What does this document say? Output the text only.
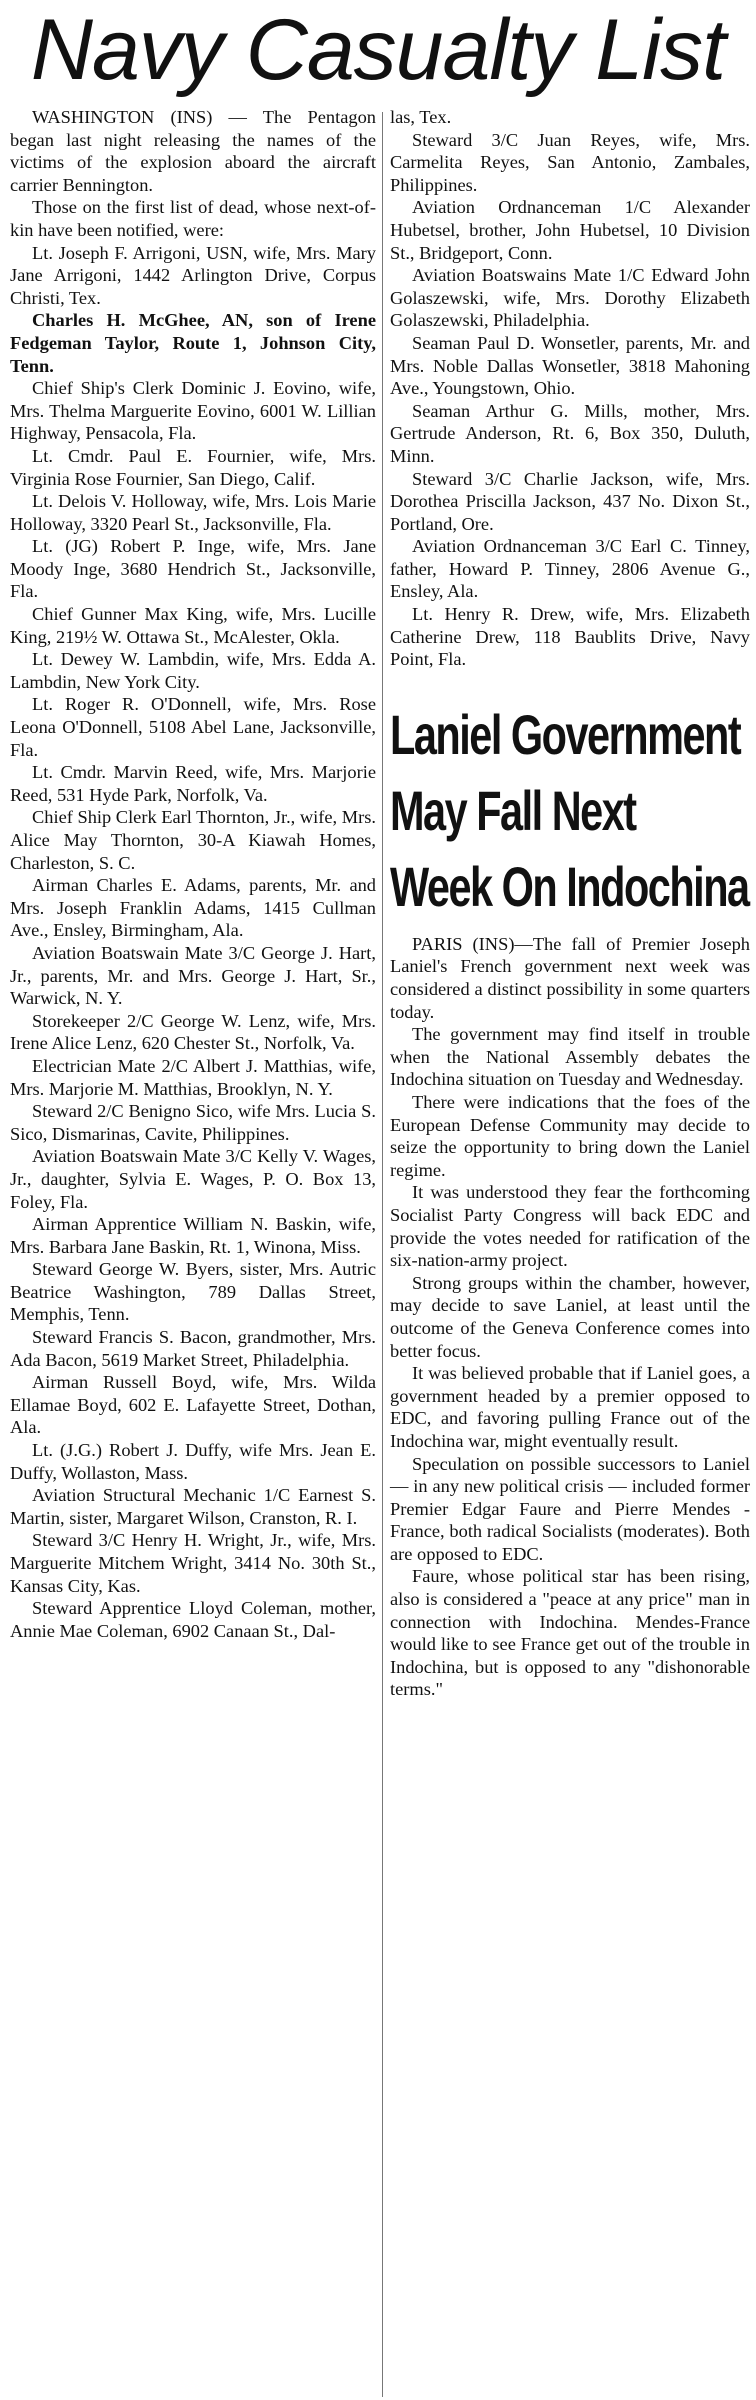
Navy Casualty List

WASHINGTON (INS) — The Pentagon began last night releasing the names of the victims of the explosion aboard the aircraft carrier Bennington.

Those on the first list of dead, whose next-of-kin have been notified, were:

Lt. Joseph F. Arrigoni, USN, wife, Mrs. Mary Jane Arrigoni, 1442 Arlington Drive, Corpus Christi, Tex.

Charles H. McGhee, AN, son of Irene Fedgeman Taylor, Route 1, Johnson City, Tenn.

Chief Ship's Clerk Dominic J. Eovino, wife, Mrs. Thelma Marguerite Eovino, 6001 W. Lillian Highway, Pensacola, Fla.

Lt. Cmdr. Paul E. Fournier, wife, Mrs. Virginia Rose Fournier, San Diego, Calif.

Lt. Delois V. Holloway, wife, Mrs. Lois Marie Holloway, 3320 Pearl St., Jacksonville, Fla.

Lt. (JG) Robert P. Inge, wife, Mrs. Jane Moody Inge, 3680 Hendrich St., Jacksonville, Fla.

Chief Gunner Max King, wife, Mrs. Lucille King, 219½ W. Ottawa St., McAlester, Okla.

Lt. Dewey W. Lambdin, wife, Mrs. Edda A. Lambdin, New York City.

Lt. Roger R. O'Donnell, wife, Mrs. Rose Leona O'Donnell, 5108 Abel Lane, Jacksonville, Fla.

Lt. Cmdr. Marvin Reed, wife, Mrs. Marjorie Reed, 531 Hyde Park, Norfolk, Va.

Chief Ship Clerk Earl Thornton, Jr., wife, Mrs. Alice May Thornton, 30-A Kiawah Homes, Charleston, S. C.

Airman Charles E. Adams, parents, Mr. and Mrs. Joseph Franklin Adams, 1415 Cullman Ave., Ensley, Birmingham, Ala.

Aviation Boatswain Mate 3/C George J. Hart, Jr., parents, Mr. and Mrs. George J. Hart, Sr., Warwick, N. Y.

Storekeeper 2/C George W. Lenz, wife, Mrs. Irene Alice Lenz, 620 Chester St., Norfolk, Va.

Electrician Mate 2/C Albert J. Matthias, wife, Mrs. Marjorie M. Matthias, Brooklyn, N. Y.

Steward 2/C Benigno Sico, wife Mrs. Lucia S. Sico, Dismarinas, Cavite, Philippines.

Aviation Boatswain Mate 3/C Kelly V. Wages, Jr., daughter, Sylvia E. Wages, P. O. Box 13, Foley, Fla.

Airman Apprentice William N. Baskin, wife, Mrs. Barbara Jane Baskin, Rt. 1, Winona, Miss.

Steward George W. Byers, sister, Mrs. Autric Beatrice Washington, 789 Dallas Street, Memphis, Tenn.

Steward Francis S. Bacon, grandmother, Mrs. Ada Bacon, 5619 Market Street, Philadelphia.

Airman Russell Boyd, wife, Mrs. Wilda Ellamae Boyd, 602 E. Lafayette Street, Dothan, Ala.

Lt. (J.G.) Robert J. Duffy, wife Mrs. Jean E. Duffy, Wollaston, Mass.

Aviation Structural Mechanic 1/C Earnest S. Martin, sister, Margaret Wilson, Cranston, R. I.

Steward 3/C Henry H. Wright, Jr., wife, Mrs. Marguerite Mitchem Wright, 3414 No. 30th St., Kansas City, Kas.

Steward Apprentice Lloyd Coleman, mother, Annie Mae Coleman, 6902 Canaan St., Dal-

las, Tex.

Steward 3/C Juan Reyes, wife, Mrs. Carmelita Reyes, San Antonio, Zambales, Philippines.

Aviation Ordnanceman 1/C Alexander Hubetsel, brother, John Hubetsel, 10 Division St., Bridgeport, Conn.

Aviation Boatswains Mate 1/C Edward John Golaszewski, wife, Mrs. Dorothy Elizabeth Golaszewski, Philadelphia.

Seaman Paul D. Wonsetler, parents, Mr. and Mrs. Noble Dallas Wonsetler, 3818 Mahoning Ave., Youngstown, Ohio.

Seaman Arthur G. Mills, mother, Mrs. Gertrude Anderson, Rt. 6, Box 350, Duluth, Minn.

Steward 3/C Charlie Jackson, wife, Mrs. Dorothea Priscilla Jackson, 437 No. Dixon St., Portland, Ore.

Aviation Ordnanceman 3/C Earl C. Tinney, father, Howard P. Tinney, 2806 Avenue G., Ensley, Ala.

Lt. Henry R. Drew, wife, Mrs. Elizabeth Catherine Drew, 118 Baublits Drive, Navy Point, Fla.

Laniel Government
May Fall Next
Week On Indochina

PARIS (INS)—The fall of Premier Joseph Laniel's French government next week was considered a distinct possibility in some quarters today.

The government may find itself in trouble when the National Assembly debates the Indochina situation on Tuesday and Wednesday.

There were indications that the foes of the European Defense Community may decide to seize the opportunity to bring down the Laniel regime.

It was understood they fear the forthcoming Socialist Party Congress will back EDC and provide the votes needed for ratification of the six-nation-army project.

Strong groups within the chamber, however, may decide to save Laniel, at least until the outcome of the Geneva Conference comes into better focus.

It was believed probable that if Laniel goes, a government headed by a premier opposed to EDC, and favoring pulling France out of the Indochina war, might eventually result.

Speculation on possible successors to Laniel — in any new political crisis — included former Premier Edgar Faure and Pierre Mendes - France, both radical Socialists (moderates). Both are opposed to EDC.

Faure, whose political star has been rising, also is considered a "peace at any price" man in connection with Indochina. Mendes-France would like to see France get out of the trouble in Indochina, but is opposed to any "dishonorable terms."
